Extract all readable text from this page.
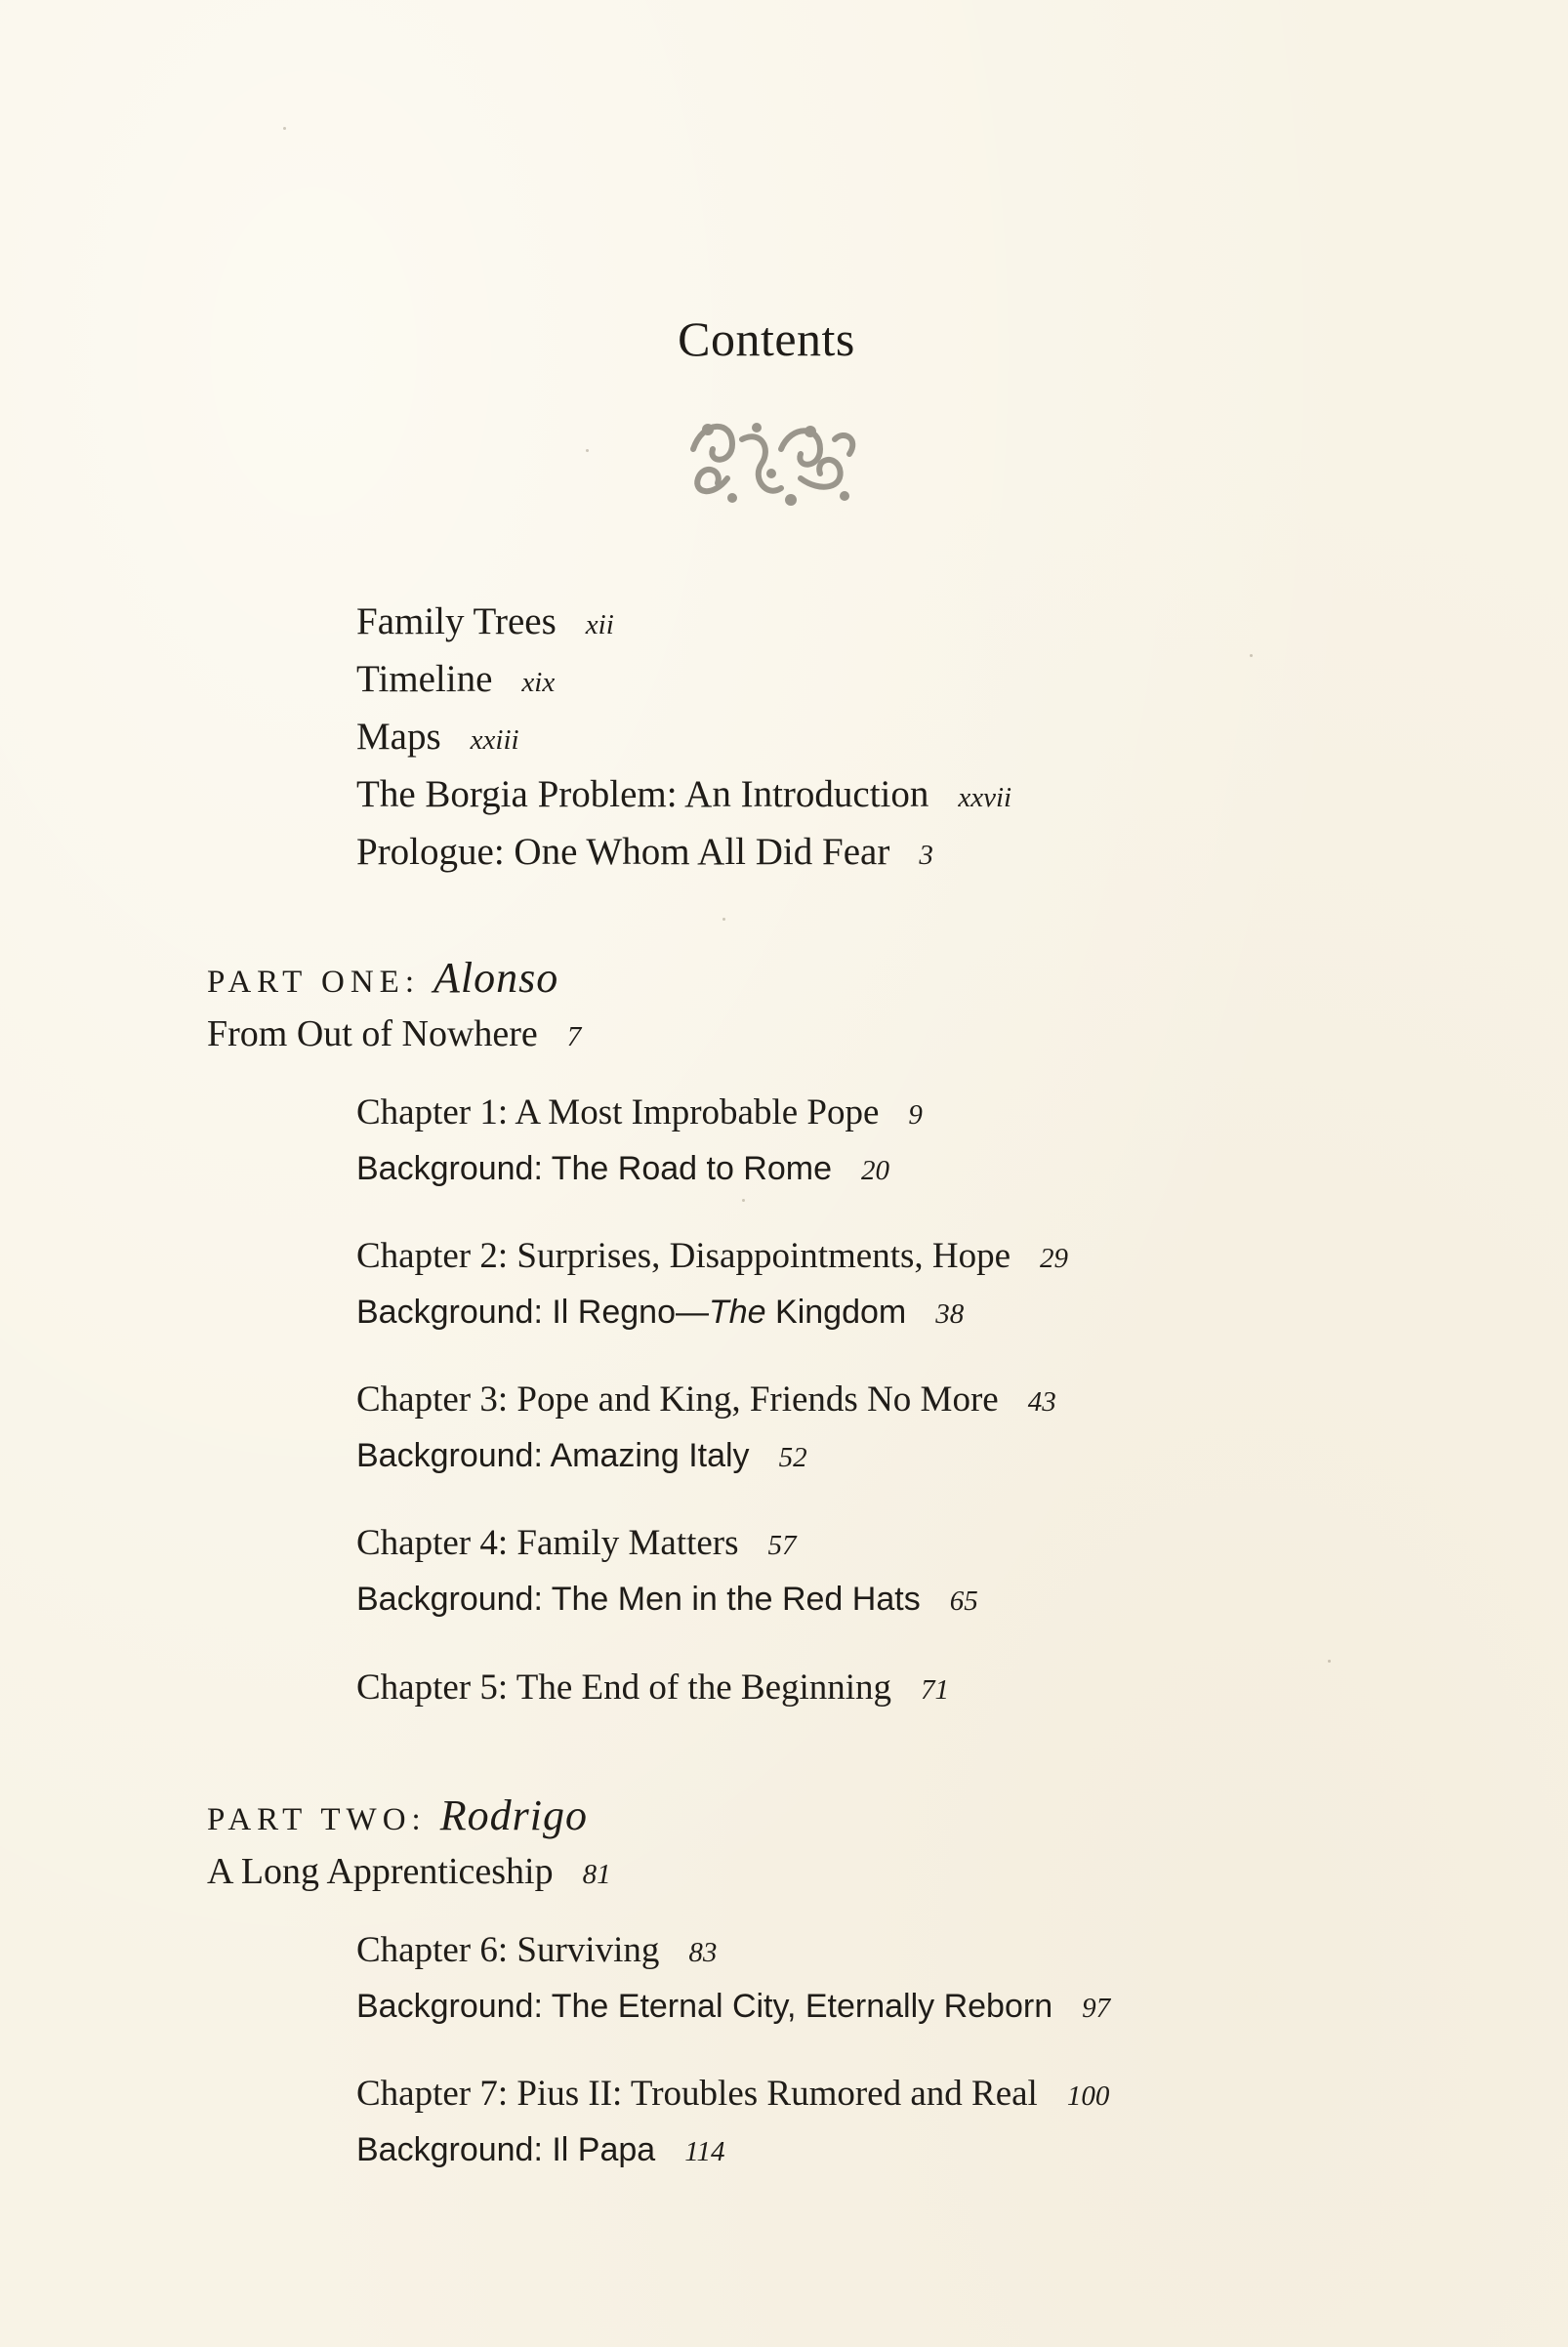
Contents
Family Trees xii
Timeline xix
Maps xxiii
The Borgia Problem: An Introduction xxvii
Prologue: One Whom All Did Fear 3
PART ONE: Alonso
From Out of Nowhere 7
Chapter 1: A Most Improbable Pope 9
Background: The Road to Rome 20
Chapter 2: Surprises, Disappointments, Hope 29
Background: Il Regno—The Kingdom 38
Chapter 3: Pope and King, Friends No More 43
Background: Amazing Italy 52
Chapter 4: Family Matters 57
Background: The Men in the Red Hats 65
Chapter 5: The End of the Beginning 71
PART TWO: Rodrigo
A Long Apprenticeship 81
Chapter 6: Surviving 83
Background: The Eternal City, Eternally Reborn 97
Chapter 7: Pius II: Troubles Rumored and Real 100
Background: Il Papa 114
